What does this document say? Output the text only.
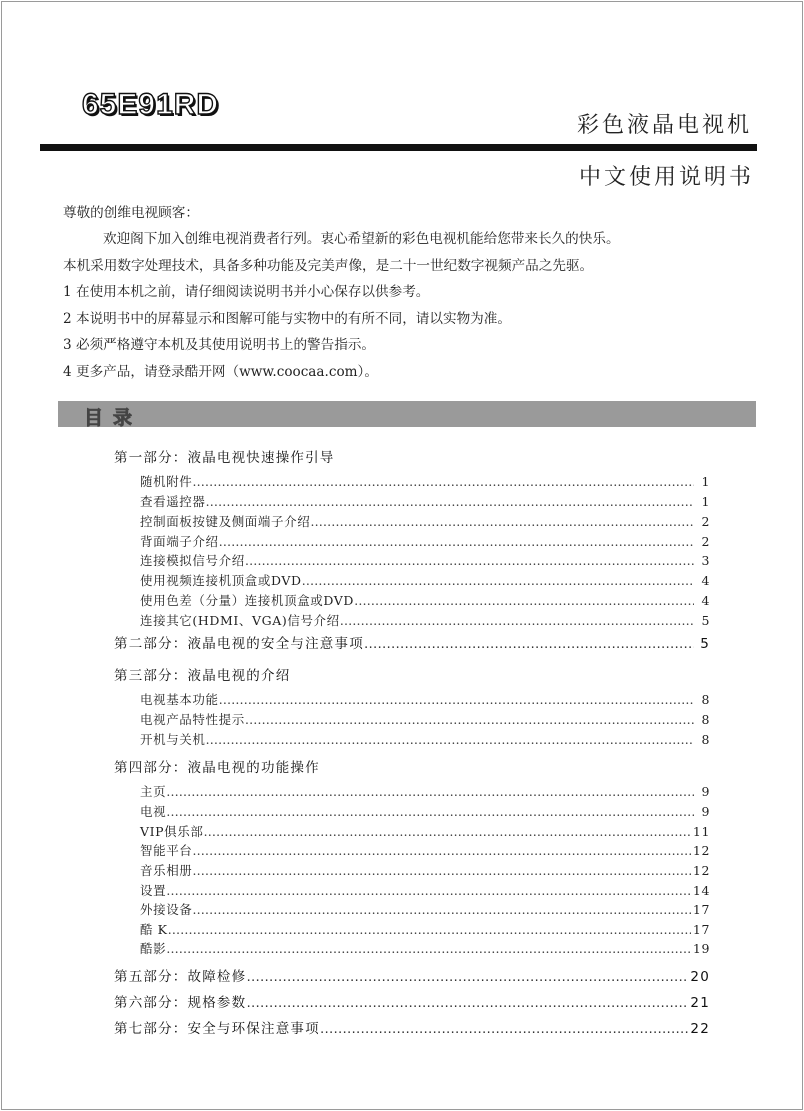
65E91RD
彩色液晶电视机
中文使用说明书
尊敬的创维电视顾客：
欢迎阁下加入创维电视消费者行列。衷心希望新的彩色电视机能给您带来长久的快乐。
本机采用数字处理技术，具备多种功能及完美声像，是二十一世纪数字视频产品之先驱。
1 在使用本机之前，请仔细阅读说明书并小心保存以供参考。
2 本说明书中的屏幕显示和图解可能与实物中的有所不同，请以实物为准。
3 必须严格遵守本机及其使用说明书上的警告指示。
4 更多产品，请登录酷开网（www.coocaa.com）。
目录
第一部分：液晶电视快速操作引导
随机附件 …………………………………………………………………………………………………………………………………………………………………………………………	1
查看遥控器 …………………………………………………………………………………………………………………………………………………………………………………………	1
控制面板按键及侧面端子介绍 …………………………………………………………………………………………………………………………………………………………………………………………	2
背面端子介绍 …………………………………………………………………………………………………………………………………………………………………………………………	2
连接模拟信号介绍 …………………………………………………………………………………………………………………………………………………………………………………………	3
使用视频连接机顶盒或DVD …………………………………………………………………………………………………………………………………………………………………………………………	4
使用色差（分量）连接机顶盒或DVD …………………………………………………………………………………………………………………………………………………………………………………………	4
连接其它(HDMI、VGA)信号介绍 …………………………………………………………………………………………………………………………………………………………………………………………	5
第二部分：液晶电视的安全与注意事项 …………………………………………………………………………………………………………………………………………………………………………………………	5
第三部分：液晶电视的介绍
电视基本功能 …………………………………………………………………………………………………………………………………………………………………………………………	8
电视产品特性提示 …………………………………………………………………………………………………………………………………………………………………………………………	8
开机与关机 …………………………………………………………………………………………………………………………………………………………………………………………	8
第四部分：液晶电视的功能操作
主页 …………………………………………………………………………………………………………………………………………………………………………………………	9
电视 …………………………………………………………………………………………………………………………………………………………………………………………	9
VIP俱乐部 …………………………………………………………………………………………………………………………………………………………………………………………	11
智能平台 …………………………………………………………………………………………………………………………………………………………………………………………	12
音乐相册 …………………………………………………………………………………………………………………………………………………………………………………………	12
设置 …………………………………………………………………………………………………………………………………………………………………………………………	14
外接设备 …………………………………………………………………………………………………………………………………………………………………………………………	17
酷 K …………………………………………………………………………………………………………………………………………………………………………………………	17
酷影 …………………………………………………………………………………………………………………………………………………………………………………………	19
第五部分：故障检修 …………………………………………………………………………………………………………………………………………………………………………………………	20
第六部分：规格参数 …………………………………………………………………………………………………………………………………………………………………………………………	21
第七部分：安全与环保注意事项 …………………………………………………………………………………………………………………………………………………………………………………………	22
